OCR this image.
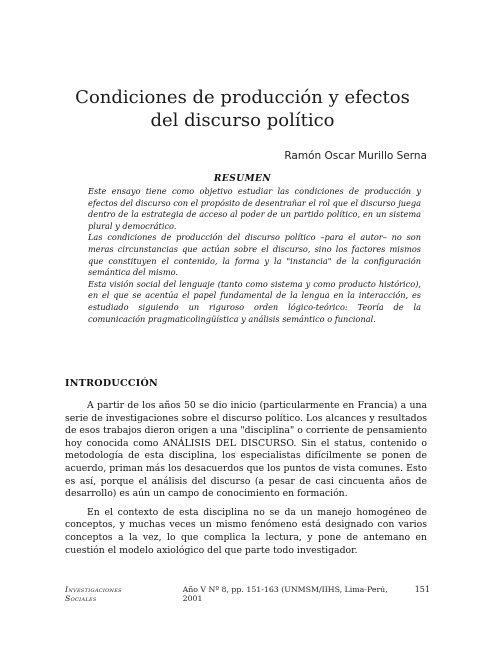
Condiciones de producción y efectos
del discurso político
Ramón Oscar Murillo Serna
RESUMEN

Este ensayo tiene como objetivo estudiar las condiciones de producción y efectos del discurso con el propósito de desentrañar el rol que el discurso juega dentro de la estrategia de acceso al poder de un partido político, en un sistema plural y democrático.

Las condiciones de producción del discurso político –para el autor– no son meras circunstancias que actúan sobre el discurso, sino los factores mismos que constituyen el contenido, la forma y la "instancia" de la configuración semántica del mismo.

Esta visión social del lenguaje (tanto como sistema y como producto histórico), en el que se acentúa el papel fundamental de la lengua en la interacción, es estudiado siguiendo un riguroso orden lógico-teórico: Teoría de la comunicación pragmaticolingüística y análisis semántico o funcional.

INTRODUCCIÓN

A partir de los años 50 se dio inicio (particularmente en Francia) a una serie de investigaciones sobre el discurso político. Los alcances y resultados de esos trabajos dieron origen a una "disciplina" o corriente de pensamiento hoy conocida como ANÁLISIS DEL DISCURSO. Sin el status, contenido o metodología de esta disciplina, los especialistas difícilmente se ponen de acuerdo, priman más los desacuerdos que los puntos de vista comunes. Esto es así, porque el análisis del discurso (a pesar de casi cincuenta años de desarrollo) es aún un campo de conocimiento en formación.

En el contexto de esta disciplina no se da un manejo homogéneo de conceptos, y muchas veces un mismo fenómeno está designado con varios conceptos a la vez, lo que complica la lectura, y pone de antemano en cuestión el modelo axiológico del que parte todo investigador.

Investigaciones Sociales
Año V Nº 8, pp. 151-163 (UNMSM/IIHS, Lima-Perú, 2001
151
